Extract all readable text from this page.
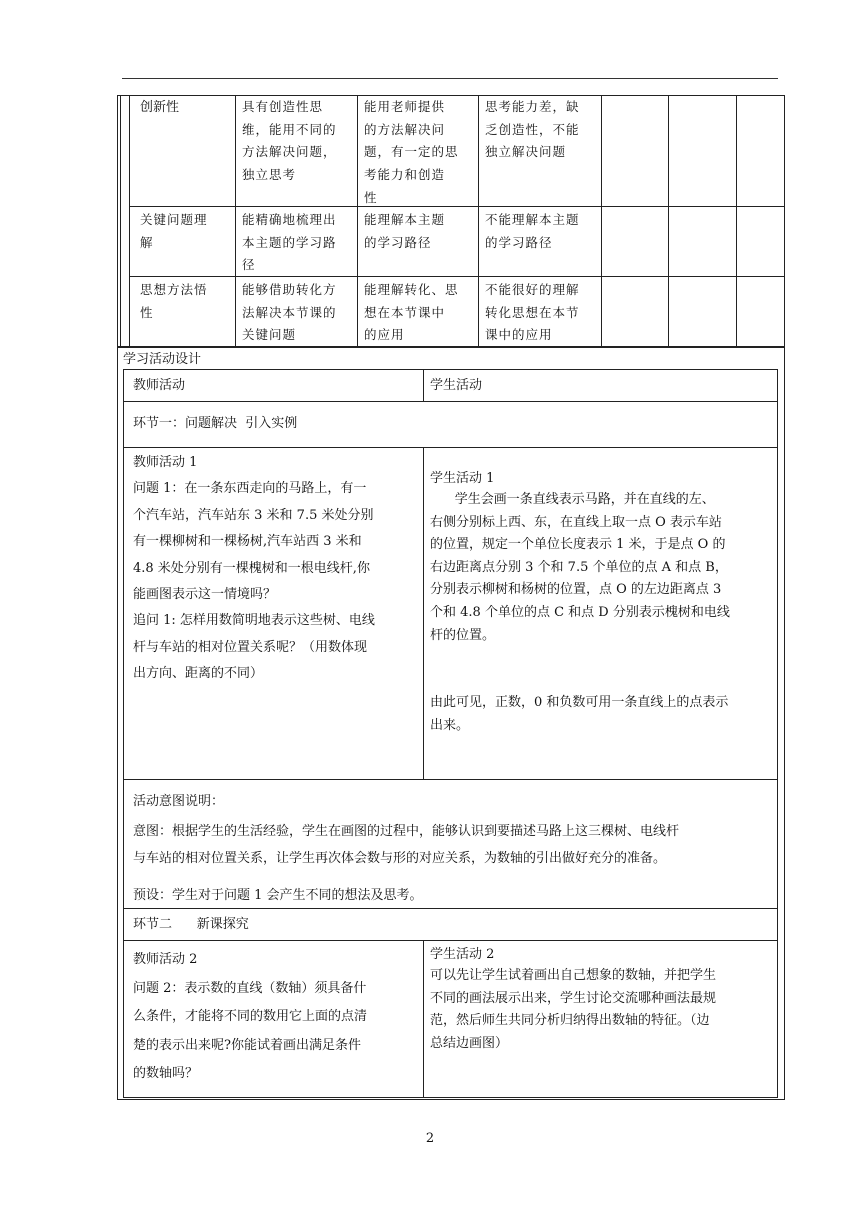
创新性	具有创造性思
维，能用不同的
方法解决问题，
独立思考
能用老师提供
的方法解决问
题，有一定的思
考能力和创造
性
思考能力差，缺
乏创造性，不能
独立解决问题
关键问题理
解
能精确地梳理出
本主题的学习路
径
能理解本主题
的学习路径
不能理解本主题
的学习路径
思想方法悟
性
能够借助转化方
法解决本节课的
关键问题
能理解转化、思
想在本节课中
的应用
不能很好的理解
转化思想在本节
课中的应用
学习活动设计
教师活动	学生活动
环节一：问题解决  引入实例
教师活动 1
问题 1：在一条东西走向的马路上，有一
个汽车站，汽车站东 3 米和 7.5 米处分别
有一棵柳树和一棵杨树,汽车站西 3 米和
4.8 米处分别有一棵槐树和一根电线杆,你
能画图表示这一情境吗？
追问 1: 怎样用数简明地表示这些树、电线
杆与车站的相对位置关系呢？（用数体现
出方向、距离的不同）
学生活动 1
学生会画一条直线表示马路，并在直线的左、
右侧分别标上西、东，在直线上取一点 O 表示车站
的位置，规定一个单位长度表示 1 米，于是点 O 的
右边距离点分别 3 个和 7.5 个单位的点 A 和点 B，
分别表示柳树和杨树的位置，点 O 的左边距离点 3
个和 4.8 个单位的点 C 和点 D 分别表示槐树和电线
杆的位置。
由此可见，正数，0 和负数可用一条直线上的点表示
出来。
活动意图说明：
意图：根据学生的生活经验，学生在画图的过程中，能够认识到要描述马路上这三棵树、电线杆
与车站的相对位置关系，让学生再次体会数与形的对应关系，为数轴的引出做好充分的准备。
预设：学生对于问题 1 会产生不同的想法及思考。
环节二      新课探究
教师活动 2
问题 2：表示数的直线（数轴）须具备什
么条件，才能将不同的数用它上面的点清
楚的表示出来呢?你能试着画出满足条件
的数轴吗？
学生活动 2
可以先让学生试着画出自己想象的数轴，并把学生
不同的画法展示出来，学生讨论交流哪种画法最规
范，然后师生共同分析归纳得出数轴的特征。（边
总结边画图）
2
